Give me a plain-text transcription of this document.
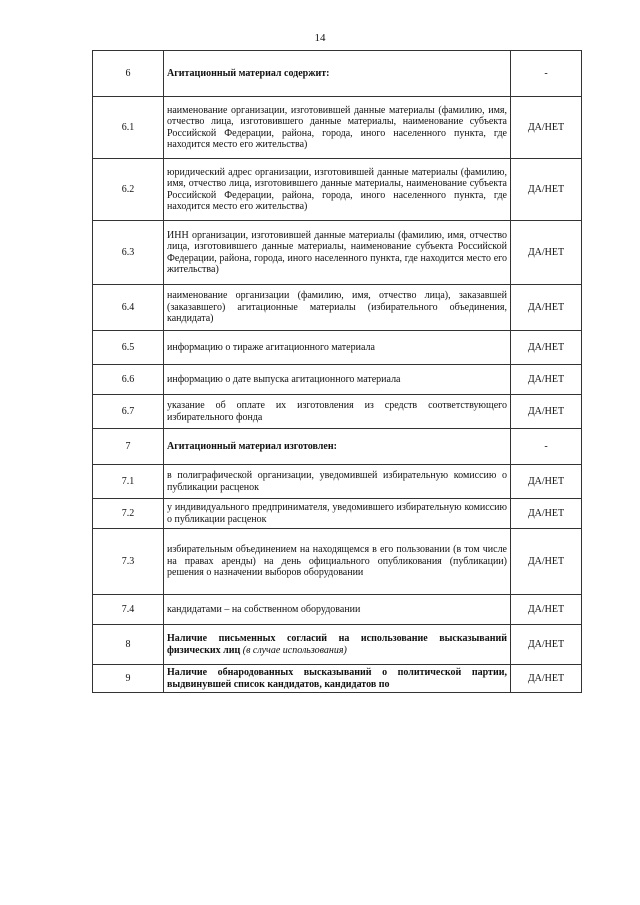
14
6	Агитационный материал содержит:	-
6.1	наименование организации, изготовившей данные материалы (фамилию, имя, отчество лица, изготовившего данные материалы, наименование субъекта Российской Федерации, района, города, иного населенного пункта, где находится место его жительства)	ДА/НЕТ
6.2	юридический адрес организации, изготовившей данные материалы (фамилию, имя, отчество лица, изготовившего данные материалы, наименование субъекта Российской Федерации, района, города, иного населенного пункта, где находится место его жительства)	ДА/НЕТ
6.3	ИНН организации, изготовившей данные материалы (фамилию, имя, отчество лица, изготовившего данные материалы, наименование субъекта Российской Федерации, района, города, иного населенного пункта, где находится место его жительства)	ДА/НЕТ
6.4	наименование организации (фамилию, имя, отчество лица), заказавшей (заказавшего) агитационные материалы (избирательного объединения, кандидата)	ДА/НЕТ
6.5	информацию о тираже агитационного материала	ДА/НЕТ
6.6	информацию о дате выпуска агитационного материала	ДА/НЕТ
6.7	указание об оплате их изготовления из средств соответствующего избирательного фонда	ДА/НЕТ
7	Агитационный материал изготовлен:	-
7.1	в полиграфической организации, уведомившей избирательную комиссию о публикации расценок	ДА/НЕТ
7.2	у индивидуального предпринимателя, уведомившего избирательную комиссию о публикации расценок	ДА/НЕТ
7.3	избирательным объединением на находящемся в его пользовании (в том числе на правах аренды) на день официального опубликования (публикации) решения о назначении выборов оборудовании	ДА/НЕТ
7.4	кандидатами – на собственном оборудовании	ДА/НЕТ
8	Наличие письменных согласий на использование высказываний физических лиц (в случае использования)	ДА/НЕТ
9	Наличие обнародованных высказываний о политической партии, выдвинувшей список кандидатов, кандидатов по	ДА/НЕТ
